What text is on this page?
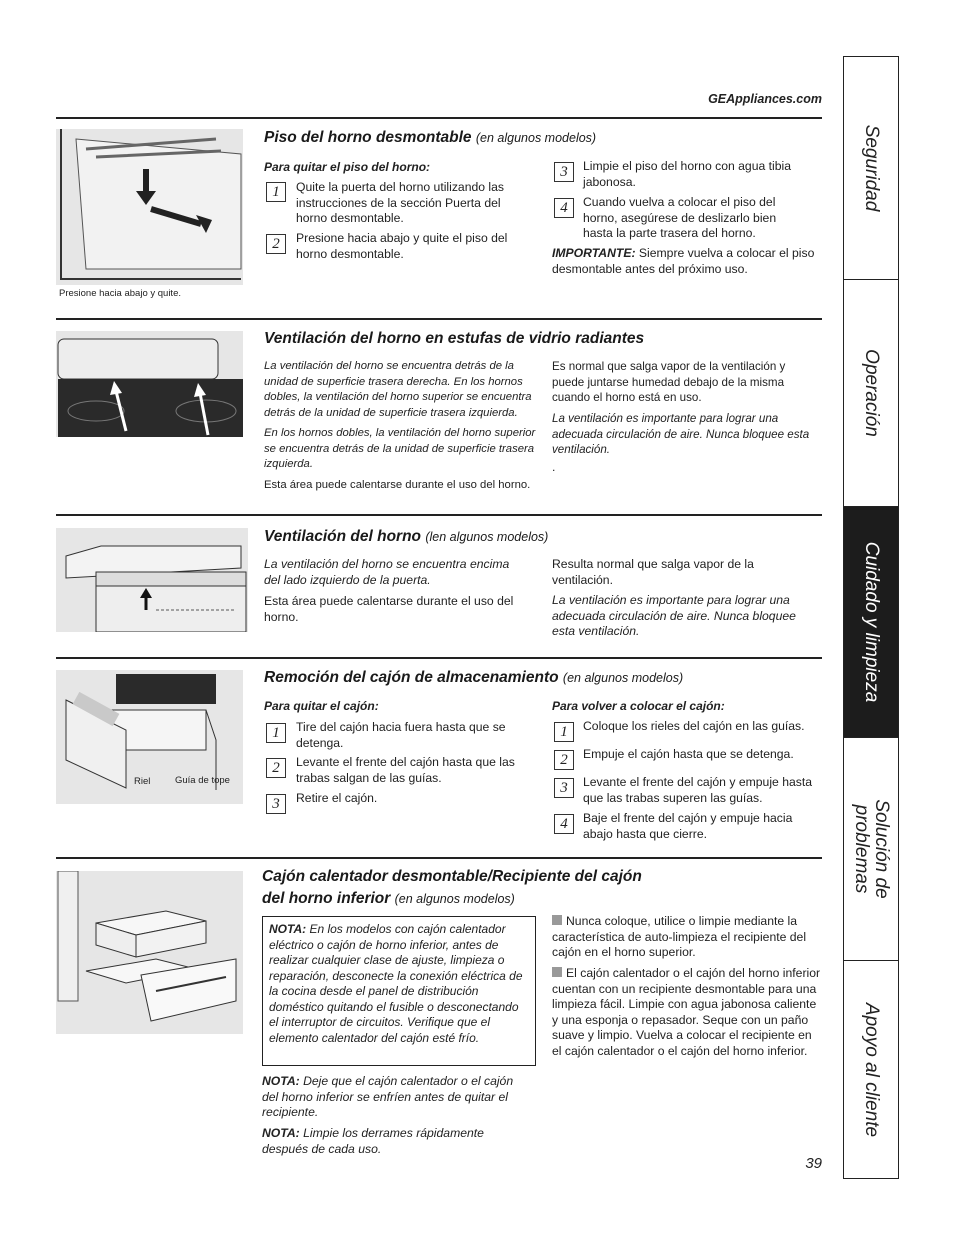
GEAppliances.com
Presione hacia abajo y quite.
Piso del horno desmontable (en algunos modelos)
Para quitar el piso del horno:
1	Quite la puerta del horno utilizando las instrucciones de la sección Puerta del horno desmontable.
2	Presione hacia abajo y quite el piso del horno desmontable.
3	Limpie el piso del horno con agua tibia jabonosa.
4	Cuando vuelva a colocar el piso del horno, asegúrese de deslizarlo bien hasta la parte trasera del horno.
IMPORTANTE: Siempre vuelva a colocar el piso desmontable antes del próximo uso.
Ventilación del horno en estufas de vidrio radiantes
La ventilación del horno se encuentra detrás de la unidad de superficie trasera derecha. En los hornos dobles, la ventilación del horno superior se encuentra detrás de la unidad de superficie trasera izquierda.
En los hornos dobles, la ventilación del horno superior se encuentra detrás de la unidad de superficie trasera izquierda.
Esta área puede calentarse durante el uso del horno.
Es normal que salga vapor de la ventilación y puede juntarse humedad debajo de la misma cuando el horno está en uso.
La ventilación es importante para lograr una adecuada circulación de aire. Nunca bloquee esta ventilación.
.
Ventilación del horno (len algunos modelos)
La ventilación del horno se encuentra encima del lado izquierdo de la puerta.
Esta área puede calentarse durante el uso del horno.
Resulta normal que salga vapor de la ventilación.
La ventilación es importante para lograr una adecuada circulación de aire. Nunca bloquee esta ventilación.
Riel	Guía de tope
Remoción del cajón de almacenamiento (en algunos modelos)
Para quitar el cajón:
1	Tire del cajón hacia fuera hasta que se detenga.
2	Levante el frente del cajón hasta que las trabas salgan de las guías.
3	Retire el cajón.
Para volver a colocar el cajón:
1	Coloque los rieles del cajón en las guías.
2	Empuje el cajón hasta que se detenga.
3	Levante el frente del cajón y empuje hasta que las trabas superen las guías.
4	Baje el frente del cajón y empuje hacia abajo hasta que cierre.
Cajón calentador desmontable/Recipiente del cajón
del horno inferior (en algunos modelos)
NOTA: En los modelos con cajón calentador eléctrico o cajón de horno inferior, antes de realizar cualquier clase de ajuste, limpieza o reparación, desconecte la conexión eléctrica de la cocina desde el panel de distribución doméstico quitando el fusible o desconectando el interruptor de circuitos. Verifique que el elemento calentador del cajón esté frío.
NOTA: Deje que el cajón calentador o el cajón del horno inferior se enfríen antes de quitar el recipiente.
NOTA: Limpie los derrames rápidamente después de cada uso.
Nunca coloque, utilice o limpie mediante la característica de auto-limpieza el recipiente del cajón en el horno superior.
El cajón calentador o el cajón del horno inferior cuentan con un recipiente desmontable para una limpieza fácil. Limpie con agua jabonosa caliente y una esponja o repasador. Seque con un paño suave y limpio. Vuelva a colocar el recipiente en el cajón calentador o el cajón del horno inferior.
39
Seguridad
Operación
Cuidado y limpieza
Solución de problemas
Apoyo al cliente
